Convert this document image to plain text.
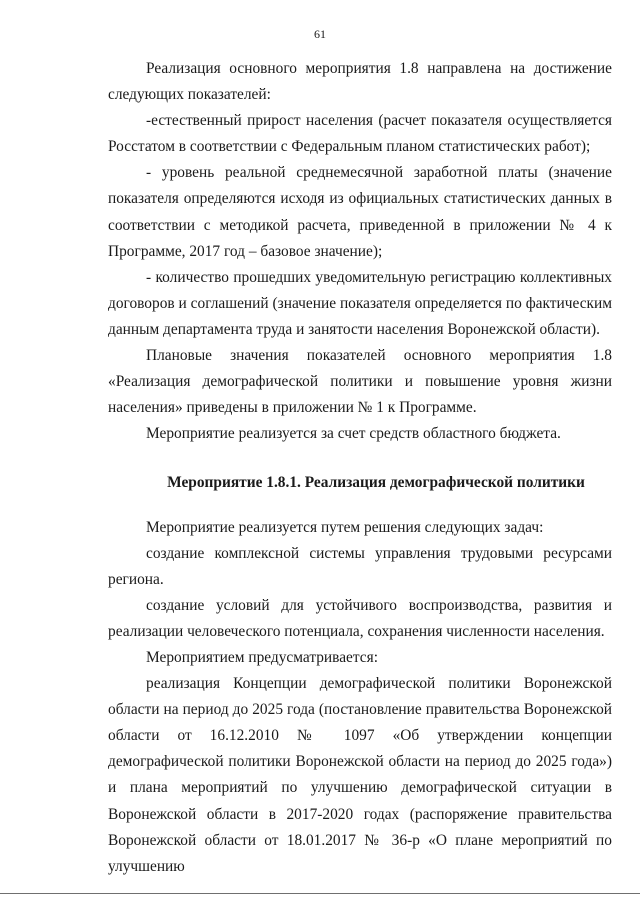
61

Реализация основного мероприятия 1.8 направлена на достижение следующих показателей:

-естественный прирост населения (расчет показателя осуществляется Росстатом в соответствии с Федеральным планом статистических работ);

- уровень реальной среднемесячной заработной платы (значение показателя определяются исходя из официальных статистических данных в соответствии с методикой расчета, приведенной в приложении № 4 к Программе, 2017 год – базовое значение);

- количество прошедших уведомительную регистрацию коллективных договоров и соглашений (значение показателя определяется по фактическим данным департамента труда и занятости населения Воронежской области).

Плановые значения показателей основного мероприятия 1.8 «Реализация демографической политики и повышение уровня жизни населения» приведены в приложении № 1 к Программе.

Мероприятие реализуется за счет средств областного бюджета.

Мероприятие 1.8.1. Реализация демографической политики

Мероприятие реализуется путем решения следующих задач:

создание комплексной системы управления трудовыми ресурсами региона.

создание условий для устойчивого воспроизводства, развития и реализации человеческого потенциала, сохранения численности населения.

Мероприятием предусматривается:

реализация Концепции демографической политики Воронежской области на период до 2025 года (постановление правительства Воронежской области от 16.12.2010 № 1097 «Об утверждении концепции демографической политики Воронежской области на период до 2025 года») и плана мероприятий по улучшению демографической ситуации в Воронежской области в 2017-2020 годах (распоряжение правительства Воронежской области от 18.01.2017 № 36-р «О плане мероприятий по улучшению
